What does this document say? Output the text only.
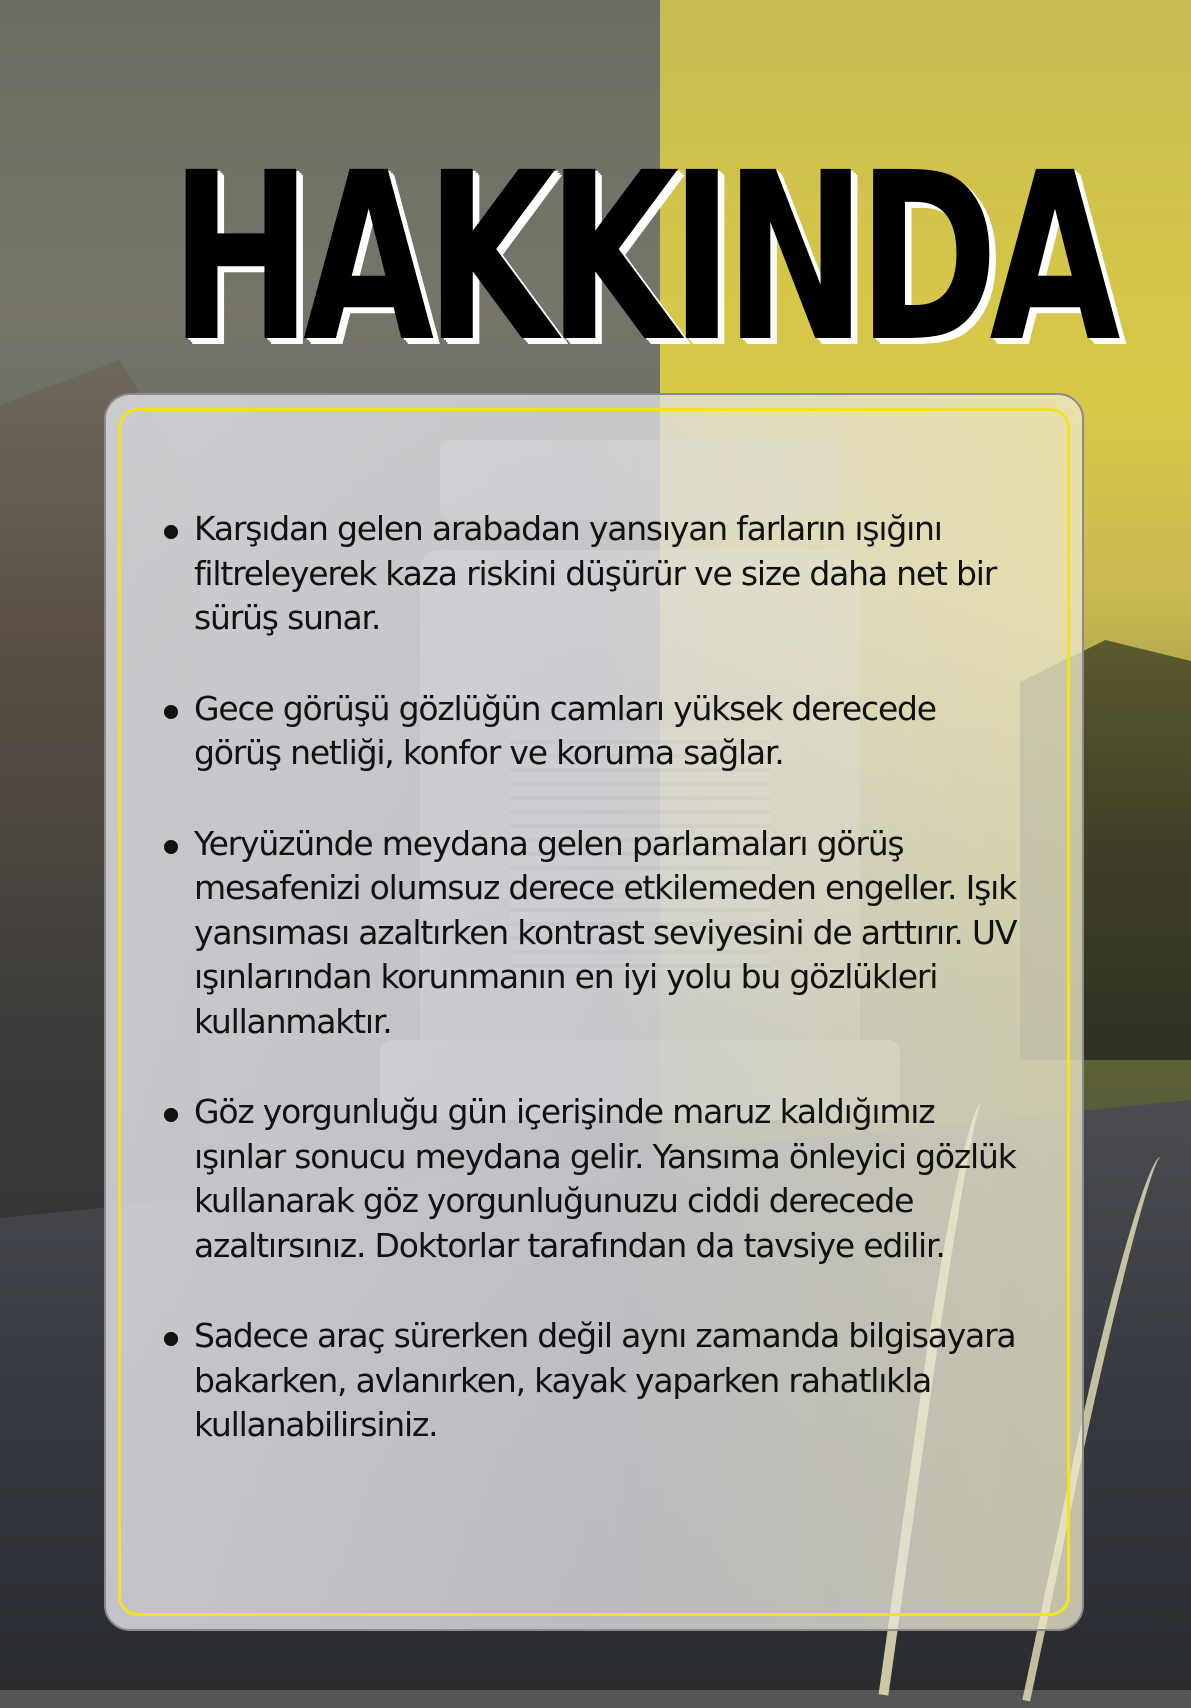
HAKKINDA
Karşıdan gelen arabadan yansıyan farların ışığını filtreleyerek kaza riskini düşürür ve size daha net bir sürüş sunar.
Gece görüşü gözlüğün camları yüksek derecede görüş netliği, konfor ve koruma sağlar.
Yeryüzünde meydana gelen parlamaları görüş mesafenizi olumsuz derece etkilemeden engeller. Işık yansıması azaltırken kontrast seviyesini de arttırır. UV ışınlarından korunmanın en iyi yolu bu gözlükleri kullanmaktır.
Göz yorgunluğu gün içerişinde maruz kaldığımız ışınlar sonucu meydana gelir. Yansıma önleyici gözlük kullanarak göz yorgunluğunuzu ciddi derecede azaltırsınız. Doktorlar tarafından da tavsiye edilir.
Sadece araç sürerken değil aynı zamanda bilgisayara bakarken, avlanırken, kayak yaparken rahatlıkla kullanabilirsiniz.
